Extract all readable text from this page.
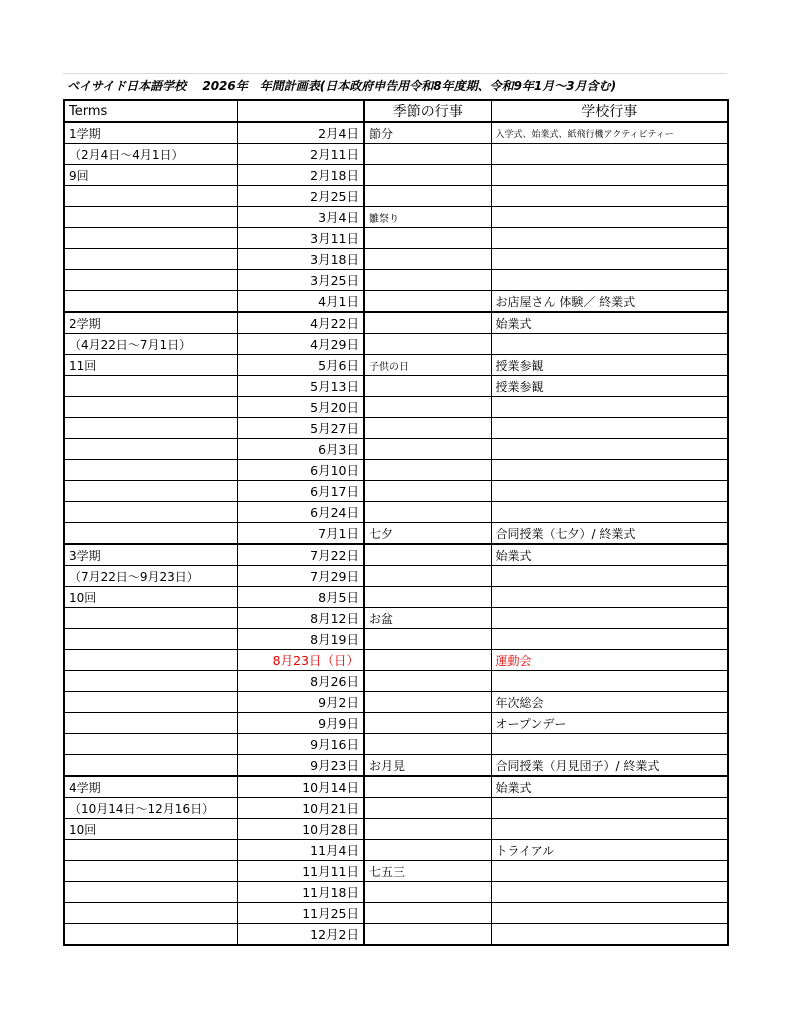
ベイサイド日本語学校　 2026年　年間計画表(日本政府申告用令和8年度期、令和9年1月～3月含む)
Terms		季節の行事	学校行事
1学期	2月4日	節分	入学式、始業式、紙飛行機アクティビティー
（2月4日～4月1日）	2月11日		
9回	2月18日		
	2月25日		
	3月4日	雛祭り	
	3月11日		
	3月18日		
	3月25日		
	4月1日		お店屋さん 体験／ 終業式
2学期	4月22日		始業式
（4月22日～7月1日）	4月29日		
11回	5月6日	子供の日	授業参観
	5月13日		授業参観
	5月20日		
	5月27日		
	6月3日		
	6月10日		
	6月17日		
	6月24日		
	7月1日	七夕	合同授業（七夕）/ 終業式
3学期	7月22日		始業式
（7月22日～9月23日）	7月29日		
10回	8月5日		
	8月12日	お盆	
	8月19日		
	8月23日（日）		運動会
	8月26日		
	9月2日		年次総会
	9月9日		オープンデー
	9月16日		
	9月23日	お月見	合同授業（月見団子）/ 終業式
4学期	10月14日		始業式
（10月14日～12月16日）	10月21日		
10回	10月28日		
	11月4日		トライアル
	11月11日	七五三	
	11月18日		
	11月25日		
	12月2日		
